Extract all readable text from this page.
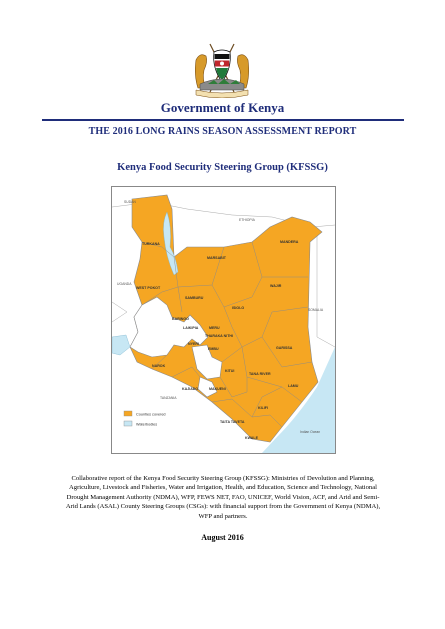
Government of Kenya
THE 2016 LONG RAINS SEASON ASSESSMENT REPORT
Kenya Food Security Steering Group (KFSSG)
SUDAN
ETHIOPIA
UGANDA
SOMALIA
TANZANIA
Indian Ocean
TURKANA
MARSABIT
MANDERA
WAJIR
WEST POKOT
SAMBURU
ISIOLO
BARINGO
LAIKIPIA	MERU
THARAKA NITHI
NYERI
EMBU
NAROK
KITUI
GARISSA
TANA RIVER
KAJIADO	MAKUENI
LAMU
KILIFI
TAITA TAVETA
KWALE
Counties covered
Waterbodies
Collaborative report of the Kenya Food Security Steering Group (KFSSG): Ministries of Devolution and Planning, Agriculture, Livestock and Fisheries, Water and Irrigation, Health, and Education, Science and Technology, National Drought Management Authority (NDMA), WFP, FEWS NET, FAO, UNICEF, World Vision, ACF, and Arid and Semi-Arid Lands (ASAL) County Steering Groups (CSGs): with financial support from the Government of Kenya (NDMA), WFP and partners.
August 2016
